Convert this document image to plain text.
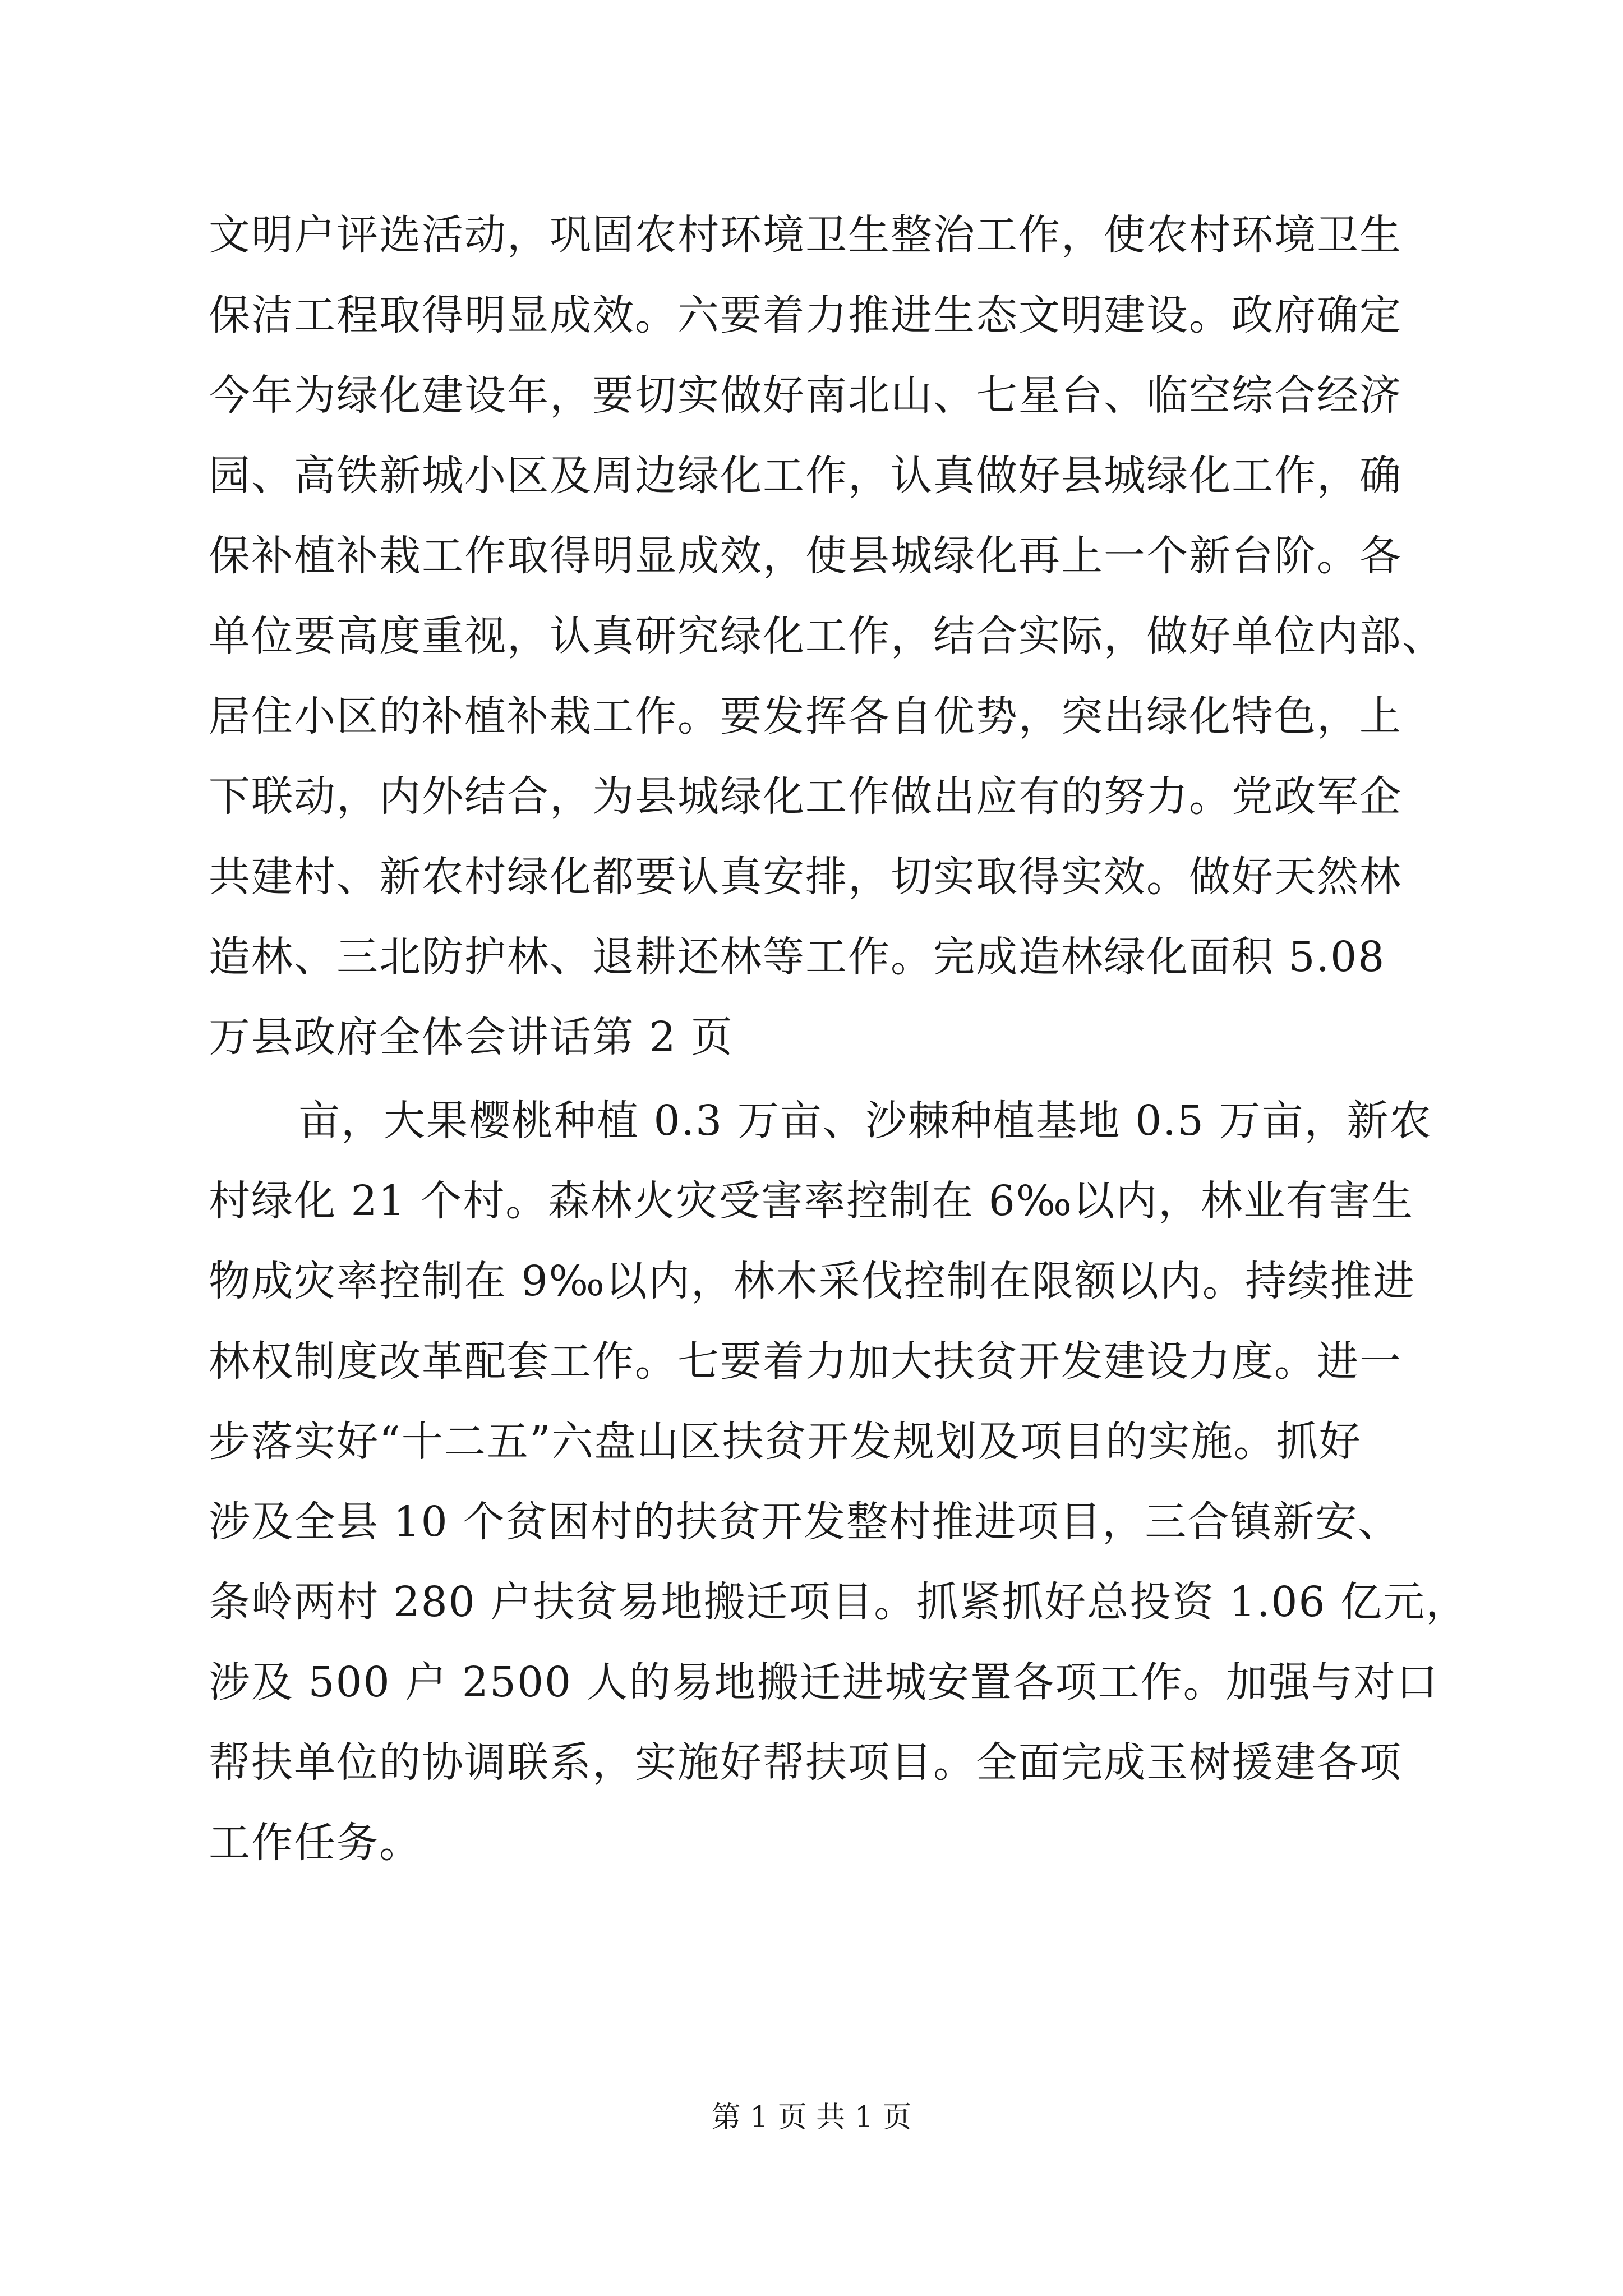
文明户评选活动，巩固农村环境卫生整治工作，使农村环境卫生
保洁工程取得明显成效。六要着力推进生态文明建设。政府确定
今年为绿化建设年，要切实做好南北山、七星台、临空综合经济
园、高铁新城小区及周边绿化工作，认真做好县城绿化工作，确
保补植补栽工作取得明显成效，使县城绿化再上一个新台阶。各
单位要高度重视，认真研究绿化工作，结合实际，做好单位内部、
居住小区的补植补栽工作。要发挥各自优势，突出绿化特色，上
下联动，内外结合，为县城绿化工作做出应有的努力。党政军企
共建村、新农村绿化都要认真安排，切实取得实效。做好天然林
造林、三北防护林、退耕还林等工作。完成造林绿化面积 5.08
万县政府全体会讲话第 2 页
亩，大果樱桃种植 0.3 万亩、沙棘种植基地 0.5 万亩，新农
村绿化 21 个村。森林火灾受害率控制在 6‰以内，林业有害生
物成灾率控制在 9‰以内，林木采伐控制在限额以内。持续推进
林权制度改革配套工作。七要着力加大扶贫开发建设力度。进一
步落实好“十二五”六盘山区扶贫开发规划及项目的实施。抓好
涉及全县 10 个贫困村的扶贫开发整村推进项目，三合镇新安、
条岭两村 280 户扶贫易地搬迁项目。抓紧抓好总投资 1.06 亿元，
涉及 500 户 2500 人的易地搬迁进城安置各项工作。加强与对口
帮扶单位的协调联系，实施好帮扶项目。全面完成玉树援建各项
工作任务。
第 1 页 共 1 页
